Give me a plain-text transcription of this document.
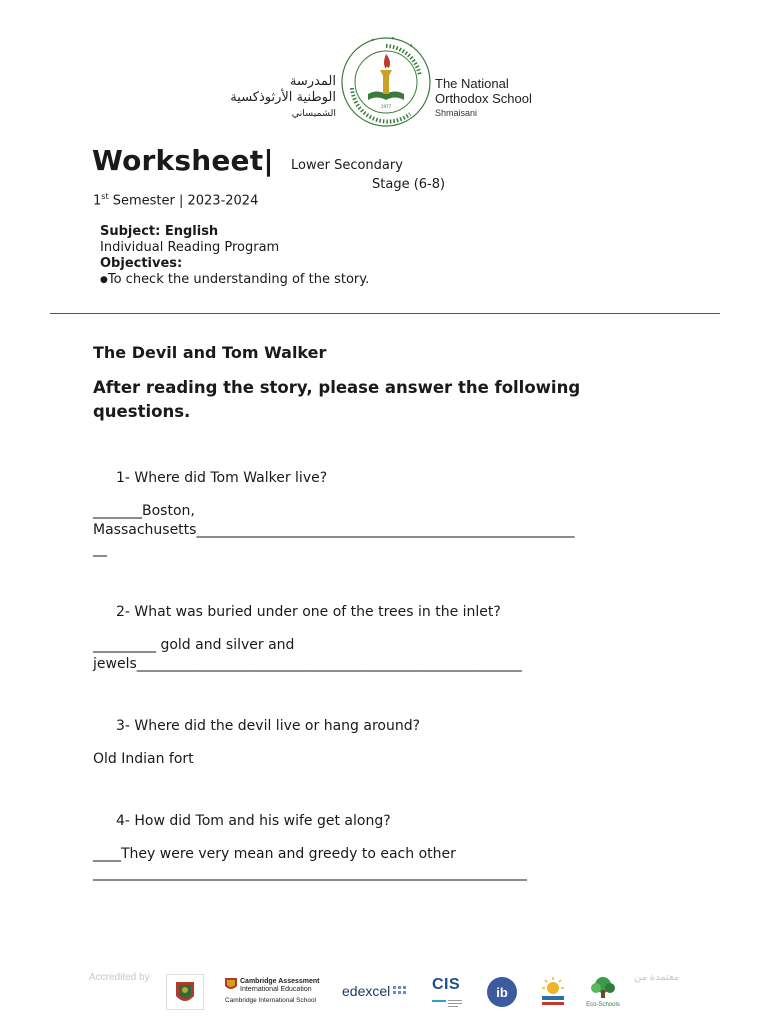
المدرسة
الوطنية الأرثوذكسية
الشميساني
1977
The National
Orthodox School
Shmaisani
Worksheet| Lower Secondary
Stage (6-8)
1st Semester | 2023-2024
Subject: English
Individual Reading Program
Objectives:
●To check the understanding of the story.
The Devil and Tom Walker
After reading the story, please answer the following questions.
1- Where did Tom Walker live?
_______Boston,
Massachusetts______________________________________________________
__
2- What was buried under one of the trees in the inlet?
_________ gold and silver and
jewels_______________________________________________________
3- Where did the devil live or hang around?
Old Indian fort
4- How did Tom and his wife get along?
____They were very mean and greedy to each other
______________________________________________________________
Accredited by	معتمدة من
Cambridge Assessment
International Education
Cambridge International School
edexcel	CIS	ib
Eco-Schools
